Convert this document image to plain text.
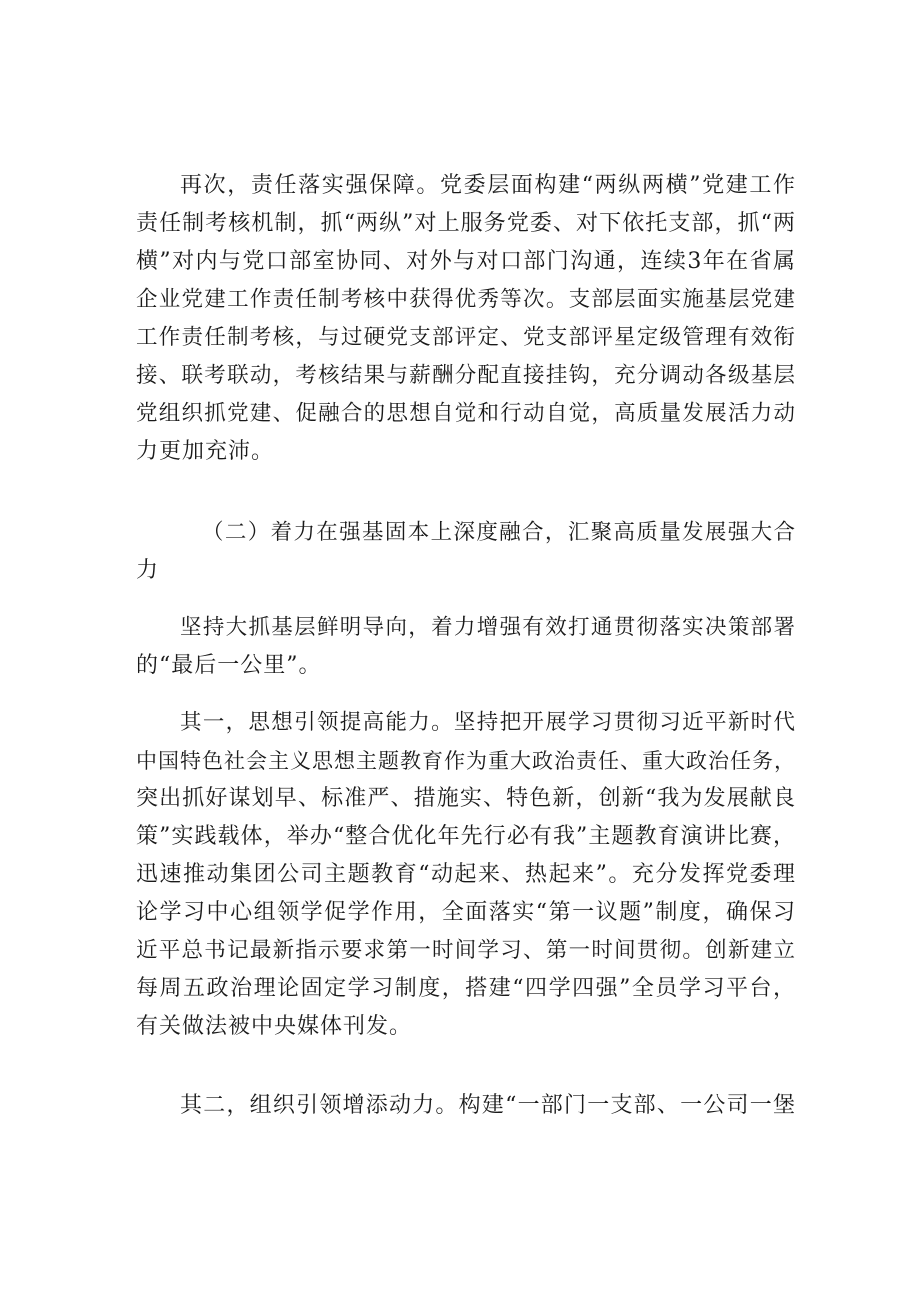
再次，责任落实强保障。党委层面构建“两纵两横”党建工作
责任制考核机制，抓“两纵”对上服务党委、对下依托支部，抓“两
横”对内与党口部室协同、对外与对口部门沟通，连续3年在省属
企业党建工作责任制考核中获得优秀等次。支部层面实施基层党建
工作责任制考核，与过硬党支部评定、党支部评星定级管理有效衔
接、联考联动，考核结果与薪酬分配直接挂钩，充分调动各级基层
党组织抓党建、促融合的思想自觉和行动自觉，高质量发展活力动
力更加充沛。
（二）着力在强基固本上深度融合，汇聚高质量发展强大合
力
坚持大抓基层鲜明导向，着力增强有效打通贯彻落实决策部署
的“最后一公里”。
其一，思想引领提高能力。坚持把开展学习贯彻习近平新时代
中国特色社会主义思想主题教育作为重大政治责任、重大政治任务，
突出抓好谋划早、标准严、措施实、特色新，创新“我为发展献良
策”实践载体，举办“整合优化年先行必有我”主题教育演讲比赛，
迅速推动集团公司主题教育“动起来、热起来”。充分发挥党委理
论学习中心组领学促学作用，全面落实“第一议题”制度，确保习
近平总书记最新指示要求第一时间学习、第一时间贯彻。创新建立
每周五政治理论固定学习制度，搭建“四学四强”全员学习平台，
有关做法被中央媒体刊发。
其二，组织引领增添动力。构建“一部门一支部、一公司一堡
